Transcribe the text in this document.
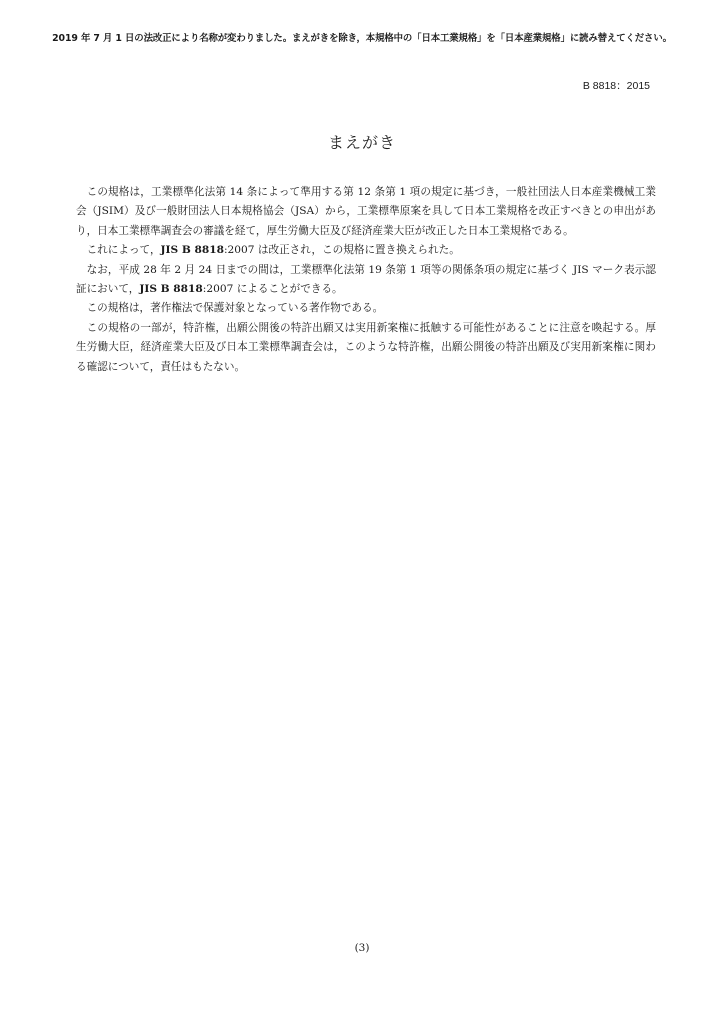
2019 年 7 月 1 日の法改正により名称が変わりました。まえがきを除き，本規格中の「日本工業規格」を「日本産業規格」に読み替えてください。
B 8818：2015
まえがき

この規格は，工業標準化法第 14 条によって準用する第 12 条第 1 項の規定に基づき，一般社団法人日本産業機械工業会（JSIM）及び一般財団法人日本規格協会（JSA）から，工業標準原案を具して日本工業規格を改正すべきとの申出があり，日本工業標準調査会の審議を経て，厚生労働大臣及び経済産業大臣が改正した日本工業規格である。

これによって，JIS B 8818:2007 は改正され，この規格に置き換えられた。

なお，平成 28 年 2 月 24 日までの間は，工業標準化法第 19 条第 1 項等の関係条項の規定に基づく JIS マーク表示認証において，JIS B 8818:2007 によることができる。

この規格は，著作権法で保護対象となっている著作物である。

この規格の一部が，特許権，出願公開後の特許出願又は実用新案権に抵触する可能性があることに注意を喚起する。厚生労働大臣，経済産業大臣及び日本工業標準調査会は，このような特許権，出願公開後の特許出願及び実用新案権に関わる確認について，責任はもたない。

(3)
